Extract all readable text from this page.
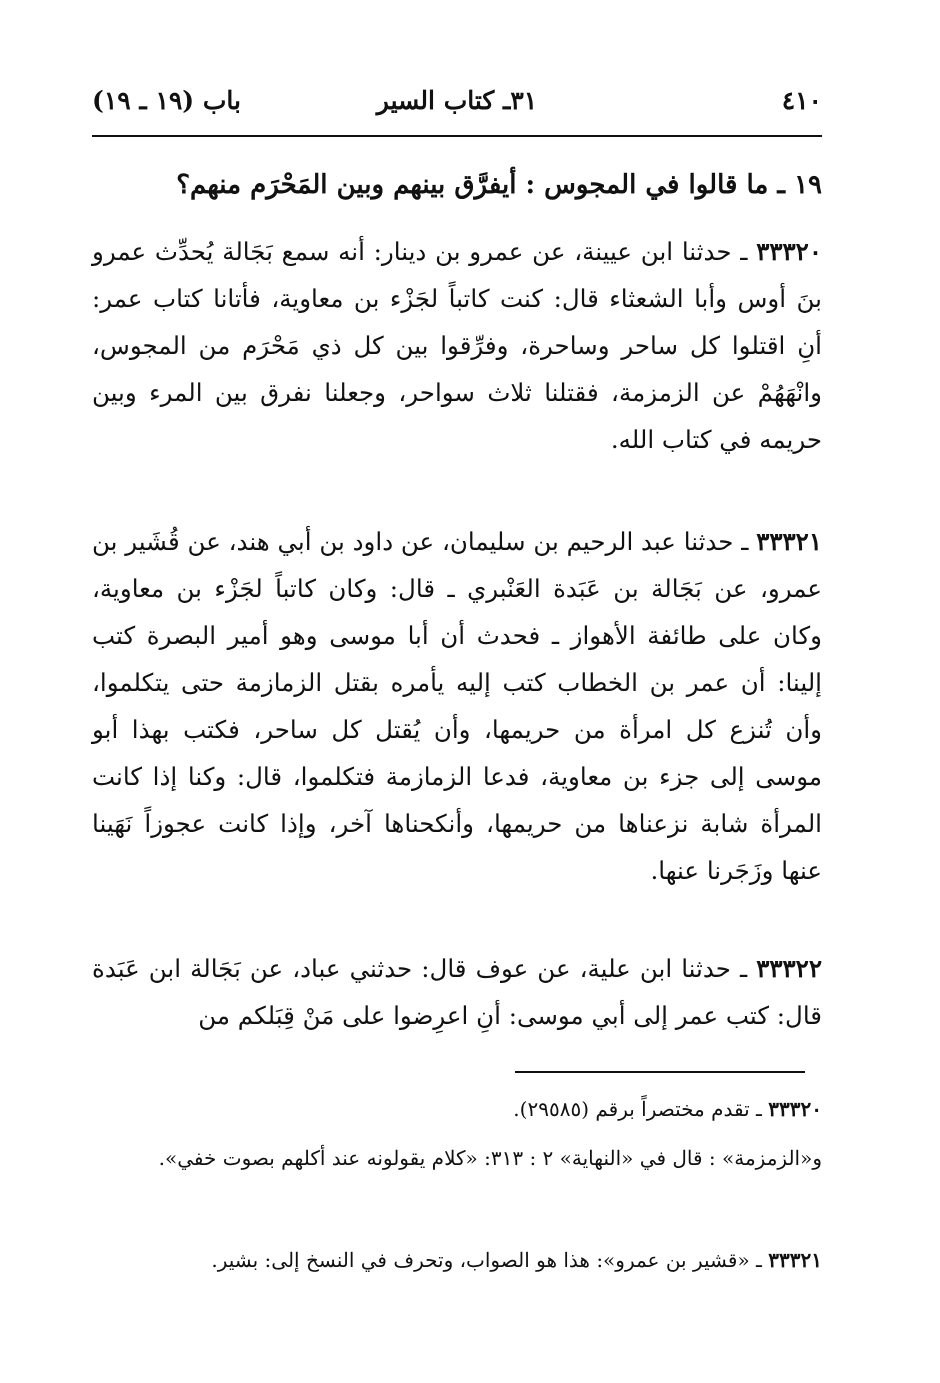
٤١٠
٣١ـ كتاب السير
باب (١٩ ـ ١٩)
١٩ ـ ما قالوا في المجوس : أيفرَّق بينهم وبين المَحْرَم منهم؟

٣٣٣٢٠ ـ حدثنا ابن عيينة، عن عمرو بن دينار: أنه سمع بَجَالة يُحدِّث عمرو بنَ أوس وأبا الشعثاء قال: كنت كاتباً لجَزْء بن معاوية، فأتانا كتاب عمر: أنِ اقتلوا كل ساحر وساحرة، وفرِّقوا بين كل ذي مَحْرَم من المجوس، وانْهَهُمْ عن الزمزمة، فقتلنا ثلاث سواحر، وجعلنا نفرق بين المرء وبين حريمه في كتاب الله.

٣٣٣٢١ ـ حدثنا عبد الرحيم بن سليمان، عن داود بن أبي هند، عن قُشَير بن عمرو، عن بَجَالة بن عَبَدة العَنْبري ـ قال: وكان كاتباً لجَزْء بن معاوية، وكان على طائفة الأهواز ـ فحدث أن أبا موسى وهو أمير البصرة كتب إلينا: أن عمر بن الخطاب كتب إليه يأمره بقتل الزمازمة حتى يتكلموا، وأن تُنزع كل امرأة من حريمها، وأن يُقتل كل ساحر، فكتب بهذا أبو موسى إلى جزء بن معاوية، فدعا الزمازمة فتكلموا، قال: وكنا إذا كانت المرأة شابة نزعناها من حريمها، وأنكحناها آخر، وإذا كانت عجوزاً نَهَينا عنها وزَجَرنا عنها.

٣٣٣٢٢ ـ حدثنا ابن علية، عن عوف قال: حدثني عباد، عن بَجَالة ابن عَبَدة قال: كتب عمر إلى أبي موسى: أنِ اعرِضوا على مَنْ قِبَلكم من

٣٣٣٢٠ ـ تقدم مختصراً برقم (٢٩٥٨٥).

و«الزمزمة» : قال في «النهاية» ٢ : ٣١٣: «كلام يقولونه عند أكلهم بصوت خفي».

٣٣٣٢١ ـ «قشير بن عمرو»: هذا هو الصواب، وتحرف في النسخ إلى: بشير.
